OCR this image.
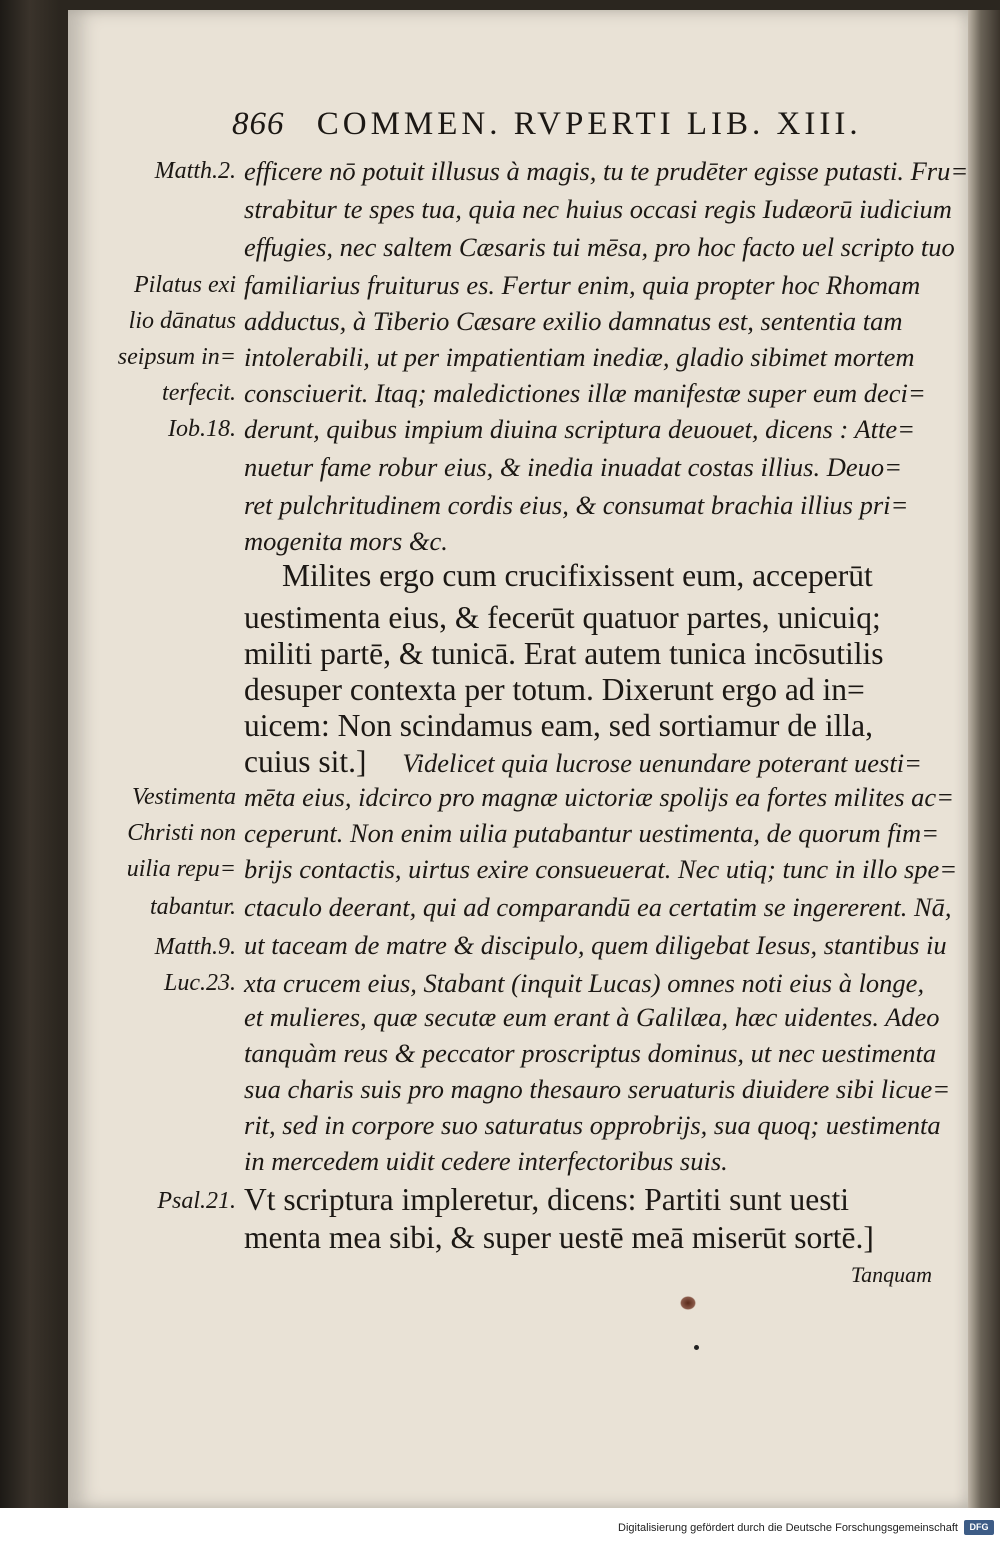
866 COMMEN. RVPERTI LIB. XIII.
efficere nō potuit illusus à magis, tu te prudēter egisse putasti. Fru=
strabitur te spes tua, quia nec huius occasi regis Iudæorū iudicium
effugies, nec saltem Cæsaris tui mēsa, pro hoc facto uel scripto tuo
familiarius fruiturus es. Fertur enim, quia propter hoc Rhomam
adductus, à Tiberio Cæsare exilio damnatus est, sententia tam
intolerabili, ut per impatientiam inediæ, gladio sibimet mortem
consciuerit. Itaq; maledictiones illæ manifestæ super eum deci=
derunt, quibus impium diuina scriptura deuouet, dicens : Atte=
nuetur fame robur eius, & inedia inuadat costas illius. Deuo=
ret pulchritudinem cordis eius, & consumat brachia illius pri=
mogenita mors &c.
Milites ergo cum crucifixissent eum, acceperūt
uestimenta eius, & fecerūt quatuor partes, unicuiq;
militi partē, & tunicā. Erat autem tunica incōsutilis
desuper contexta per totum. Dixerunt ergo ad in=
uicem: Non scindamus eam, sed sortiamur de illa,
cuius sit.] Videlicet quia lucrose uenundare poterant uesti=
mēta eius, idcirco pro magnæ uictoriæ spolijs ea fortes milites ac=
ceperunt. Non enim uilia putabantur uestimenta, de quorum fim=
brijs contactis, uirtus exire consueuerat. Nec utiq; tunc in illo spe=
ctaculo deerant, qui ad comparandū ea certatim se ingererent. Nā,
ut taceam de matre & discipulo, quem diligebat Iesus, stantibus iu
xta crucem eius, Stabant (inquit Lucas) omnes noti eius à longe,
et mulieres, quæ secutæ eum erant à Galilæa, hæc uidentes. Adeo
tanquàm reus & peccator proscriptus dominus, ut nec uestimenta
sua charis suis pro magno thesauro seruaturis diuidere sibi licue=
rit, sed in corpore suo saturatus opprobrijs, sua quoq; uestimenta
in mercedem uidit cedere interfectoribus suis.
Vt scriptura impleretur, dicens: Partiti sunt uesti
menta mea sibi, & super uestē meā miserūt sortē.]
Tanquam
Matth.2.
Pilatus exi
lio dānatus
seipsum in=
terfecit.
Iob.18.
Vestimenta
Christi non
uilia repu=
tabantur.
Matth.9.
Luc.23.
Psal.21.
Digitalisierung gefördert durch die Deutsche Forschungsgemeinschaft	DFG
